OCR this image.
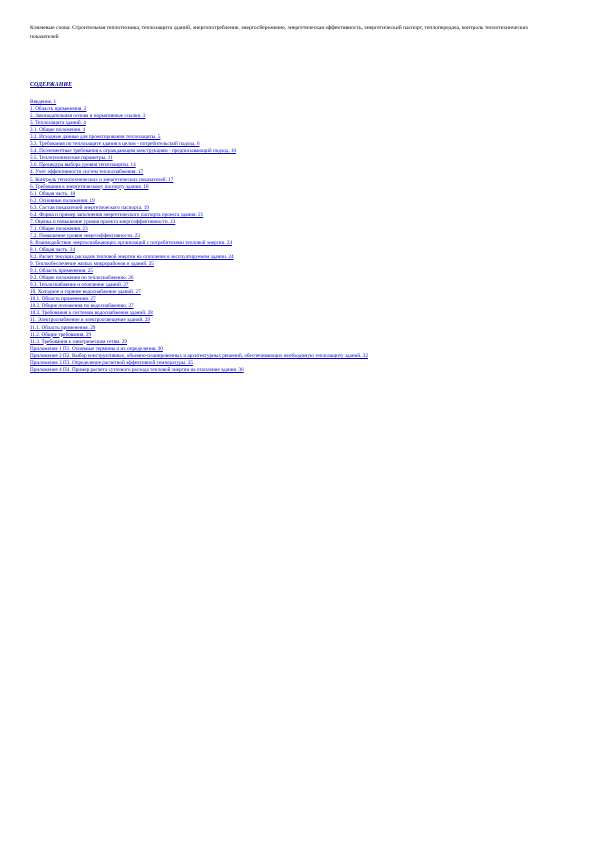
Ключевые слова: Строительная теплотехника, теплозащита зданий, энергопотребление, энергосбережение, энергетическая эффективность, энергетический паспорт, теплопередача, контроль теплотехнических показателей

СОДЕРЖАНИЕ

Введение. 1
1. Область применения. 2
2. Законодательная основа и нормативные ссылки. 3
3. Теплозащита зданий. 4
3.1. Общие положения. 4
3.2. Исходные данные для проектирования теплозащиты. 5
3.3. Требования по теплозащите здания в целом - потребительский подход. 6
3.4. Поэлементные требования к ограждающим конструкциям - предписывающий подход. 10
3.5. Теплотехнические параметры. 11
3.6. Процедура выбора уровня теплозащиты. 14
4. Учет эффективности систем теплоснабжения. 17
5. Контроль теплотехнических и энергетических показателей. 17
6. Требования к энергетическому паспорту здания. 18
6.1. Общая часть. 18
6.2. Основные положения. 19
6.3. Состав показателей энергетического паспорта. 19
6.4. Форма и пример заполнения энергетического паспорта проекта здания. 21
7. Оценка и повышение уровня проекта энергоэффективности. 23
7.1. Общие положения. 23
7.2. Повышение уровня энергоэффективности. 23
8. Взаимодействие энергоснабжающих организаций с потребителями тепловой энергии. 24
8.1. Общая часть. 24
8.2. Расчет текущих расходов тепловой энергии на отопление в эксплуатируемом здании. 24
9. Теплообеспечение жилых микрорайонов и зданий. 25
9.1. Область применения. 25
9.2. Общие положения по теплоснабжению. 26
9.3. Теплоснабжение и отопление зданий. 27
10. Холодное и горячее водоснабжение зданий. 27
10.1. Область применения. 27
10.2. Общие положения по водоснабжению. 27
10.3. Требования к системам водоснабжения зданий. 28
11. Электроснабжение и электроосвещение зданий. 29
11.1. Область применения. 29
11.2. Общие требования. 29
11.3. Требования к электрическим сетям. 29
Приложение 1 П1. Основные термины и их определения. 30
Приложение 2 П2. Выбор конструктивных, объемно-планировочных и архитектурных решений, обеспечивающих необходимую теплозащиту зданий. 32
Приложение 3 П3. Определение расчетной эффективной температуры. 35
Приложение 4 П4. Пример расчета суточного расхода тепловой энергии на отопление здания. 36
